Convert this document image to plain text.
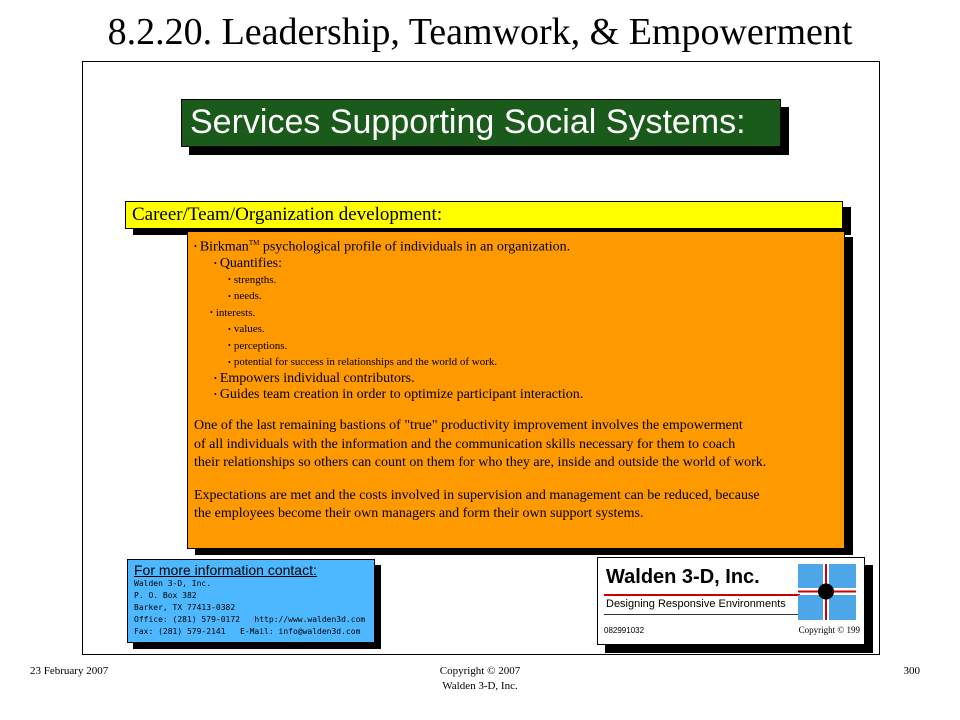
8.2.20. Leadership, Teamwork, & Empowerment
Services Supporting Social Systems:
Career/Team/Organization development:
• Birkman™ psychological profile of individuals in an organization.
• Quantifies:
• strengths.
• needs.
• interests.
• values.
• perceptions.
• potential for success in relationships and the world of work.
• Empowers individual contributors.
• Guides team creation in order to optimize participant interaction.
One of the last remaining bastions of "true" productivity improvement involves the empowerment
of all individuals with the information and the communication skills necessary for them to coach
their relationships so others can count on them for who they are, inside and outside the world of work.
Expectations are met and the costs involved in supervision and management can be reduced, because
the employees become their own managers and form their own support systems.
For more information contact:
Walden 3-D, Inc.
P. O. Box 382
Barker, TX 77413-0382
Office: (281) 579-0172 http://www.walden3d.com
Fax: (281) 579-2141 E-Mail: info@walden3d.com
Walden 3-D, Inc.
Designing Responsive Environments
082991032	Copyright © 199
23 February 2007	Copyright © 2007
Walden 3-D, Inc.
300
